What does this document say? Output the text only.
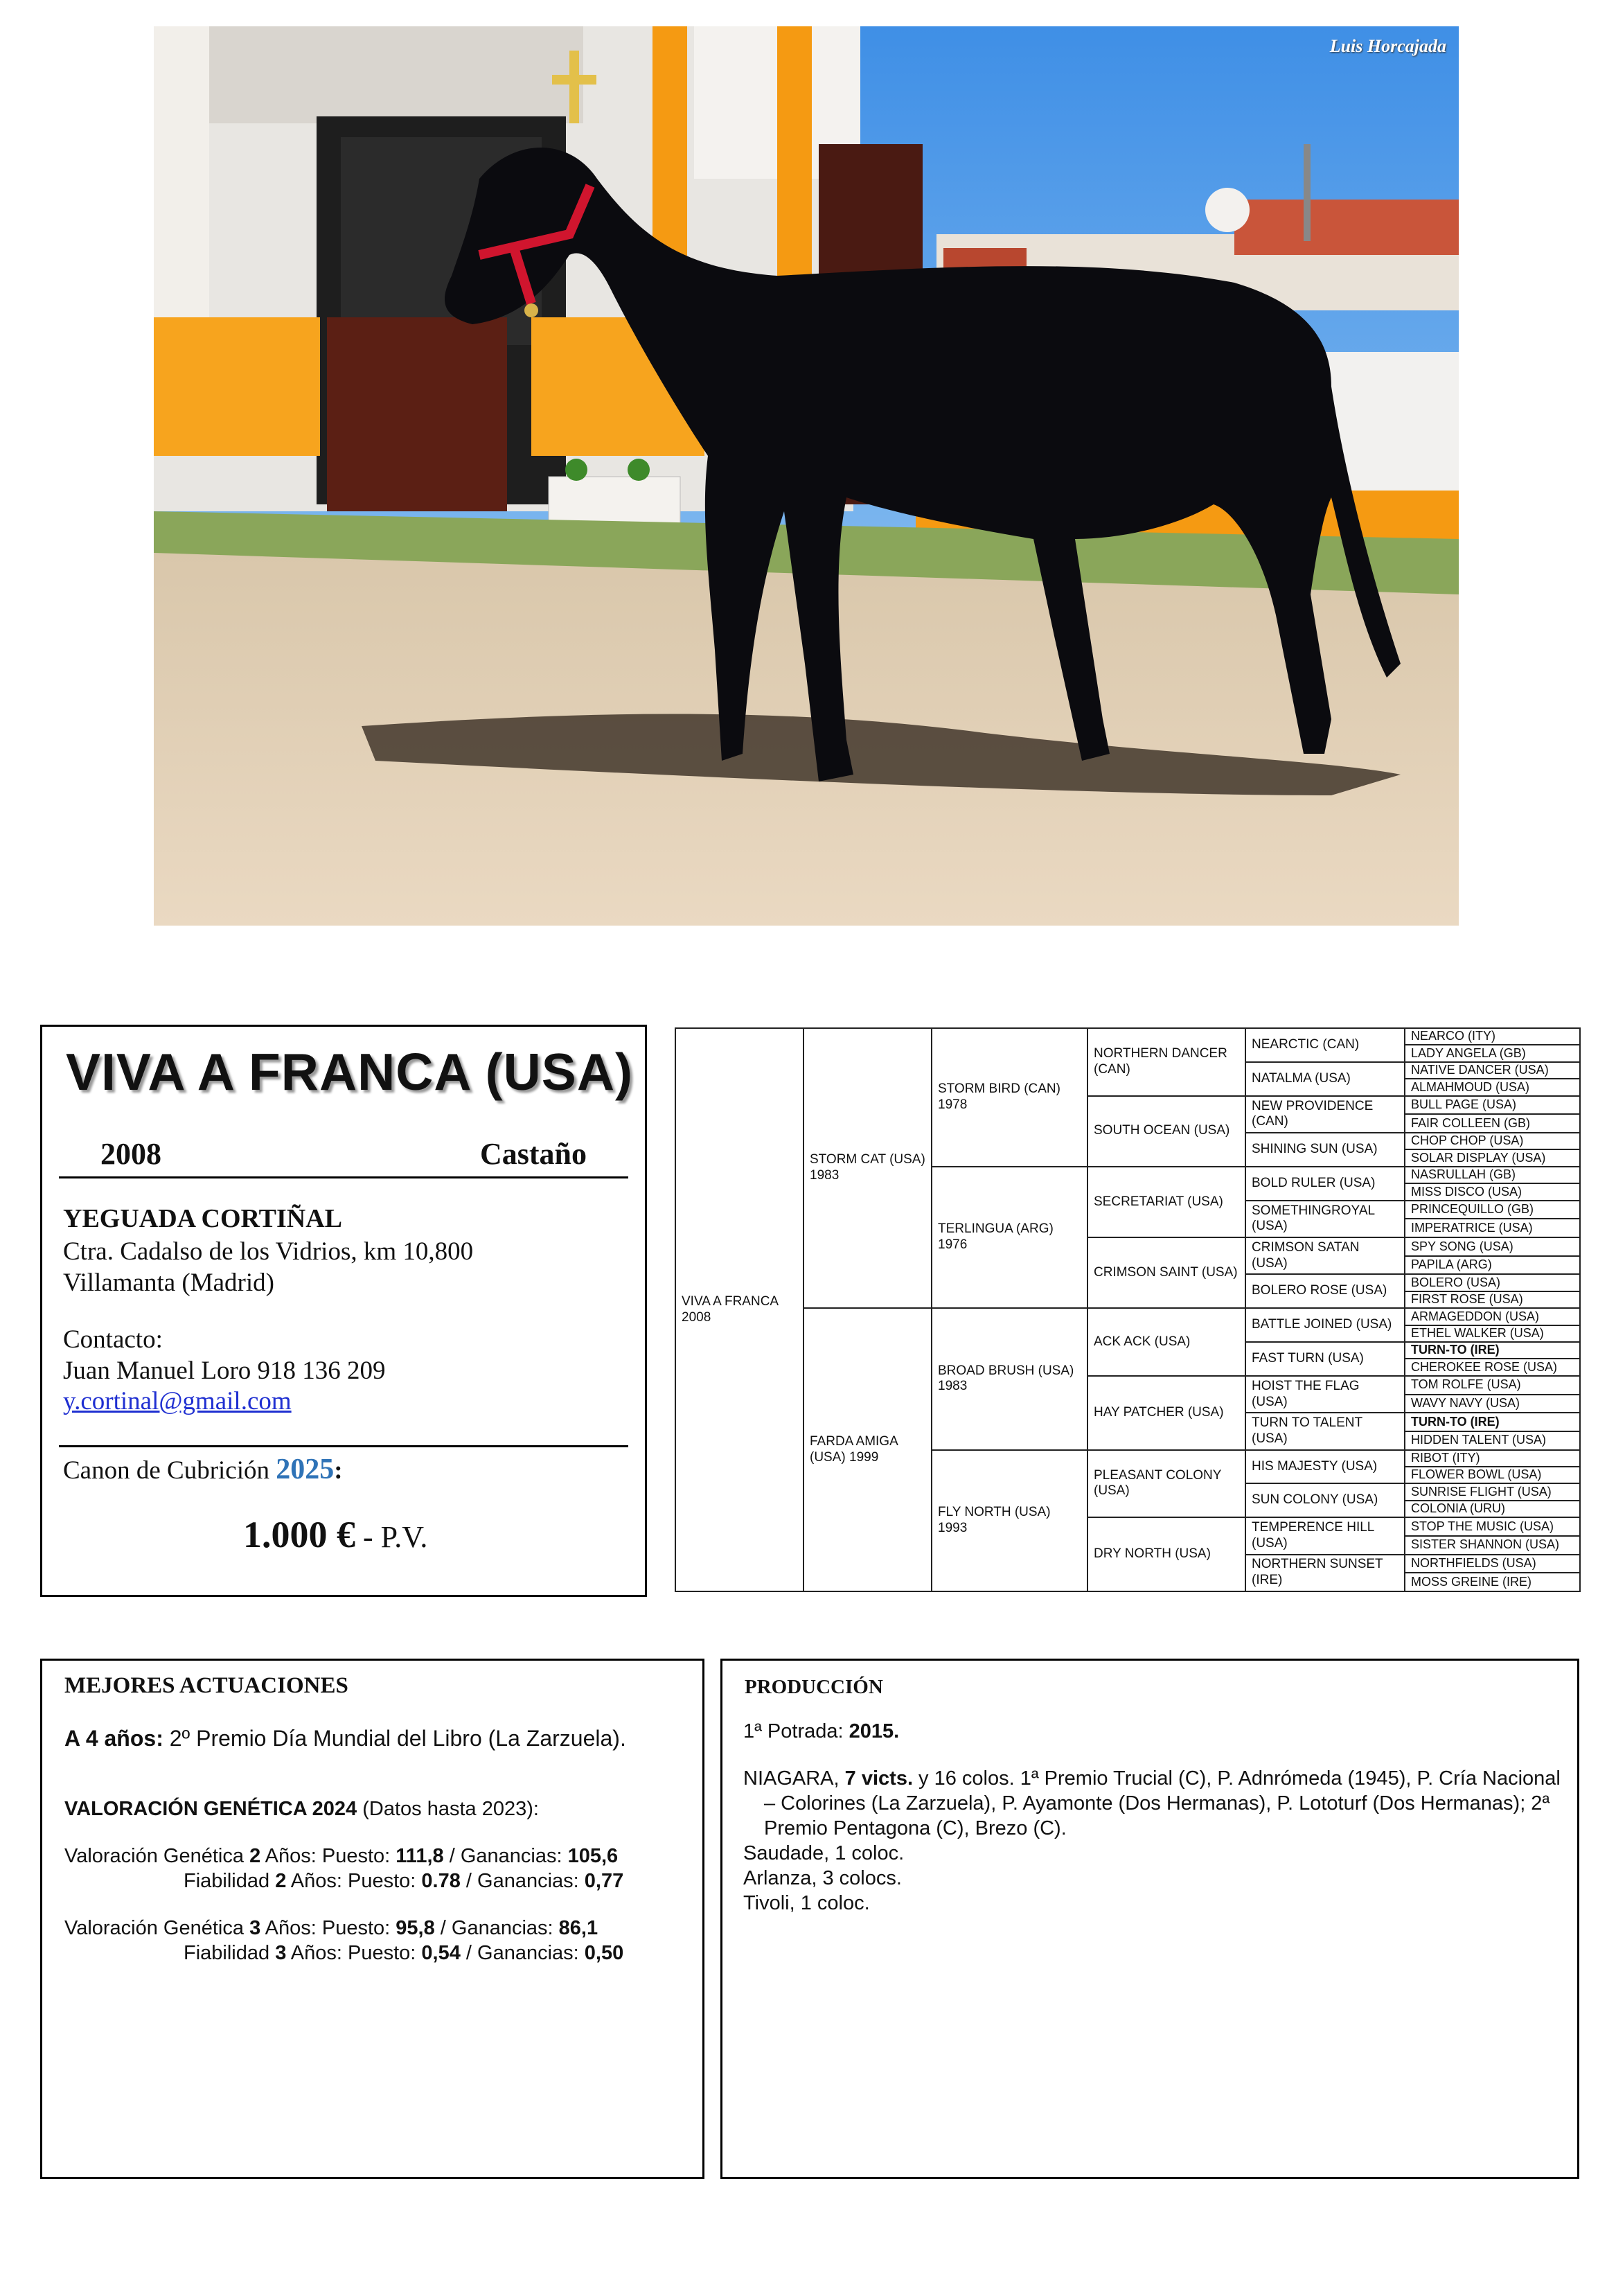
Luis Horcajada
VIVA A FRANCA (USA)
2008	Castaño
YEGUADA CORTIÑAL
Ctra. Cadalso de los Vidrios, km 10,800
Villamanta (Madrid)
Contacto:
Juan Manuel Loro 918 136 209
y.cortinal@gmail.com
Canon de Cubrición 2025:
1.000 € - P.V.
VIVA A FRANCA 2008	STORM CAT (USA) 1983	STORM BIRD (CAN) 1978	NORTHERN DANCER (CAN)	NEARCTIC (CAN)	NEARCO (ITY)
					LADY ANGELA (GB)
				NATALMA (USA)	NATIVE DANCER (USA)
					ALMAHMOUD (USA)
			SOUTH OCEAN (USA)	NEW PROVIDENCE (CAN)	BULL PAGE (USA)
					FAIR COLLEEN (GB)
				SHINING SUN (USA)	CHOP CHOP (USA)
					SOLAR DISPLAY (USA)
		TERLINGUA (ARG) 1976	SECRETARIAT (USA)	BOLD RULER (USA)	NASRULLAH (GB)
					MISS DISCO (USA)
				SOMETHINGROYAL (USA)	PRINCEQUILLO (GB)
					IMPERATRICE (USA)
			CRIMSON SAINT (USA)	CRIMSON SATAN (USA)	SPY SONG (USA)
					PAPILA (ARG)
				BOLERO ROSE (USA)	BOLERO (USA)
					FIRST ROSE (USA)
	FARDA AMIGA (USA) 1999	BROAD BRUSH (USA) 1983	ACK ACK (USA)	BATTLE JOINED (USA)	ARMAGEDDON (USA)
					ETHEL WALKER (USA)
				FAST TURN (USA)	TURN-TO (IRE)
					CHEROKEE ROSE (USA)
			HAY PATCHER (USA)	HOIST THE FLAG (USA)	TOM ROLFE (USA)
					WAVY NAVY (USA)
				TURN TO TALENT (USA)	TURN-TO (IRE)
					HIDDEN TALENT (USA)
		FLY NORTH (USA) 1993	PLEASANT COLONY (USA)	HIS MAJESTY (USA)	RIBOT (ITY)
					FLOWER BOWL (USA)
				SUN COLONY (USA)	SUNRISE FLIGHT (USA)
					COLONIA (URU)
			DRY NORTH (USA)	TEMPERENCE HILL (USA)	STOP THE MUSIC (USA)
					SISTER SHANNON (USA)
				NORTHERN SUNSET (IRE)	NORTHFIELDS (USA)
					MOSS GREINE (IRE)
MEJORES ACTUACIONES
A 4 años: 2º Premio Día Mundial del Libro (La Zarzuela).
VALORACIÓN GENÉTICA 2024 (Datos hasta 2023):
Valoración Genética 2 Años: Puesto: 111,8 / Ganancias: 105,6
Fiabilidad 2 Años: Puesto: 0.78 / Ganancias: 0,77
Valoración Genética 3 Años: Puesto: 95,8 / Ganancias: 86,1
Fiabilidad 3 Años: Puesto: 0,54 / Ganancias: 0,50
PRODUCCIÓN
1ª Potrada: 2015.
NIAGARA, 7 victs. y 16 colos. 1ª Premio Trucial (C), P. Adnrómeda (1945), P. Cría Nacional – Colorines (La Zarzuela), P. Ayamonte (Dos Hermanas), P. Lototurf (Dos Hermanas); 2ª Premio Pentagona (C), Brezo (C).
Saudade, 1 coloc.
Arlanza, 3 colocs.
Tivoli, 1 coloc.
